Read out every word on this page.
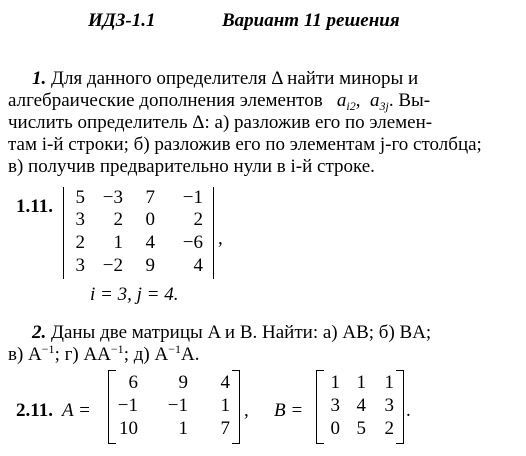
ИДЗ-1.1	Вариант 11 решения
1. Для данного определителя Δ найти миноры и
алгебраические дополнения элементов $a_{i2}$,  $a_{3j}$. Вы-
числить определитель Δ: а) разложив его по элемен-
там i-й строки; б) разложив его по элементам j-го столбца;
в) получив предварительно нули в i-й строке.
1.11.	5 −3	7	−1
3	2	0	2
2	1	4	−6
3 −2	9	4
,
i = 3, j = 4.
2. Даны две матрицы A и B. Найти: а) AB; б) BA;
в) $A^{-1}$; г) $AA^{-1}$; д) $A^{-1}A$.
2.11. A =
6	9	4
−1	−1	1
10	1	7
, B =
1 1 1
3 4 3
0 5 2
.
